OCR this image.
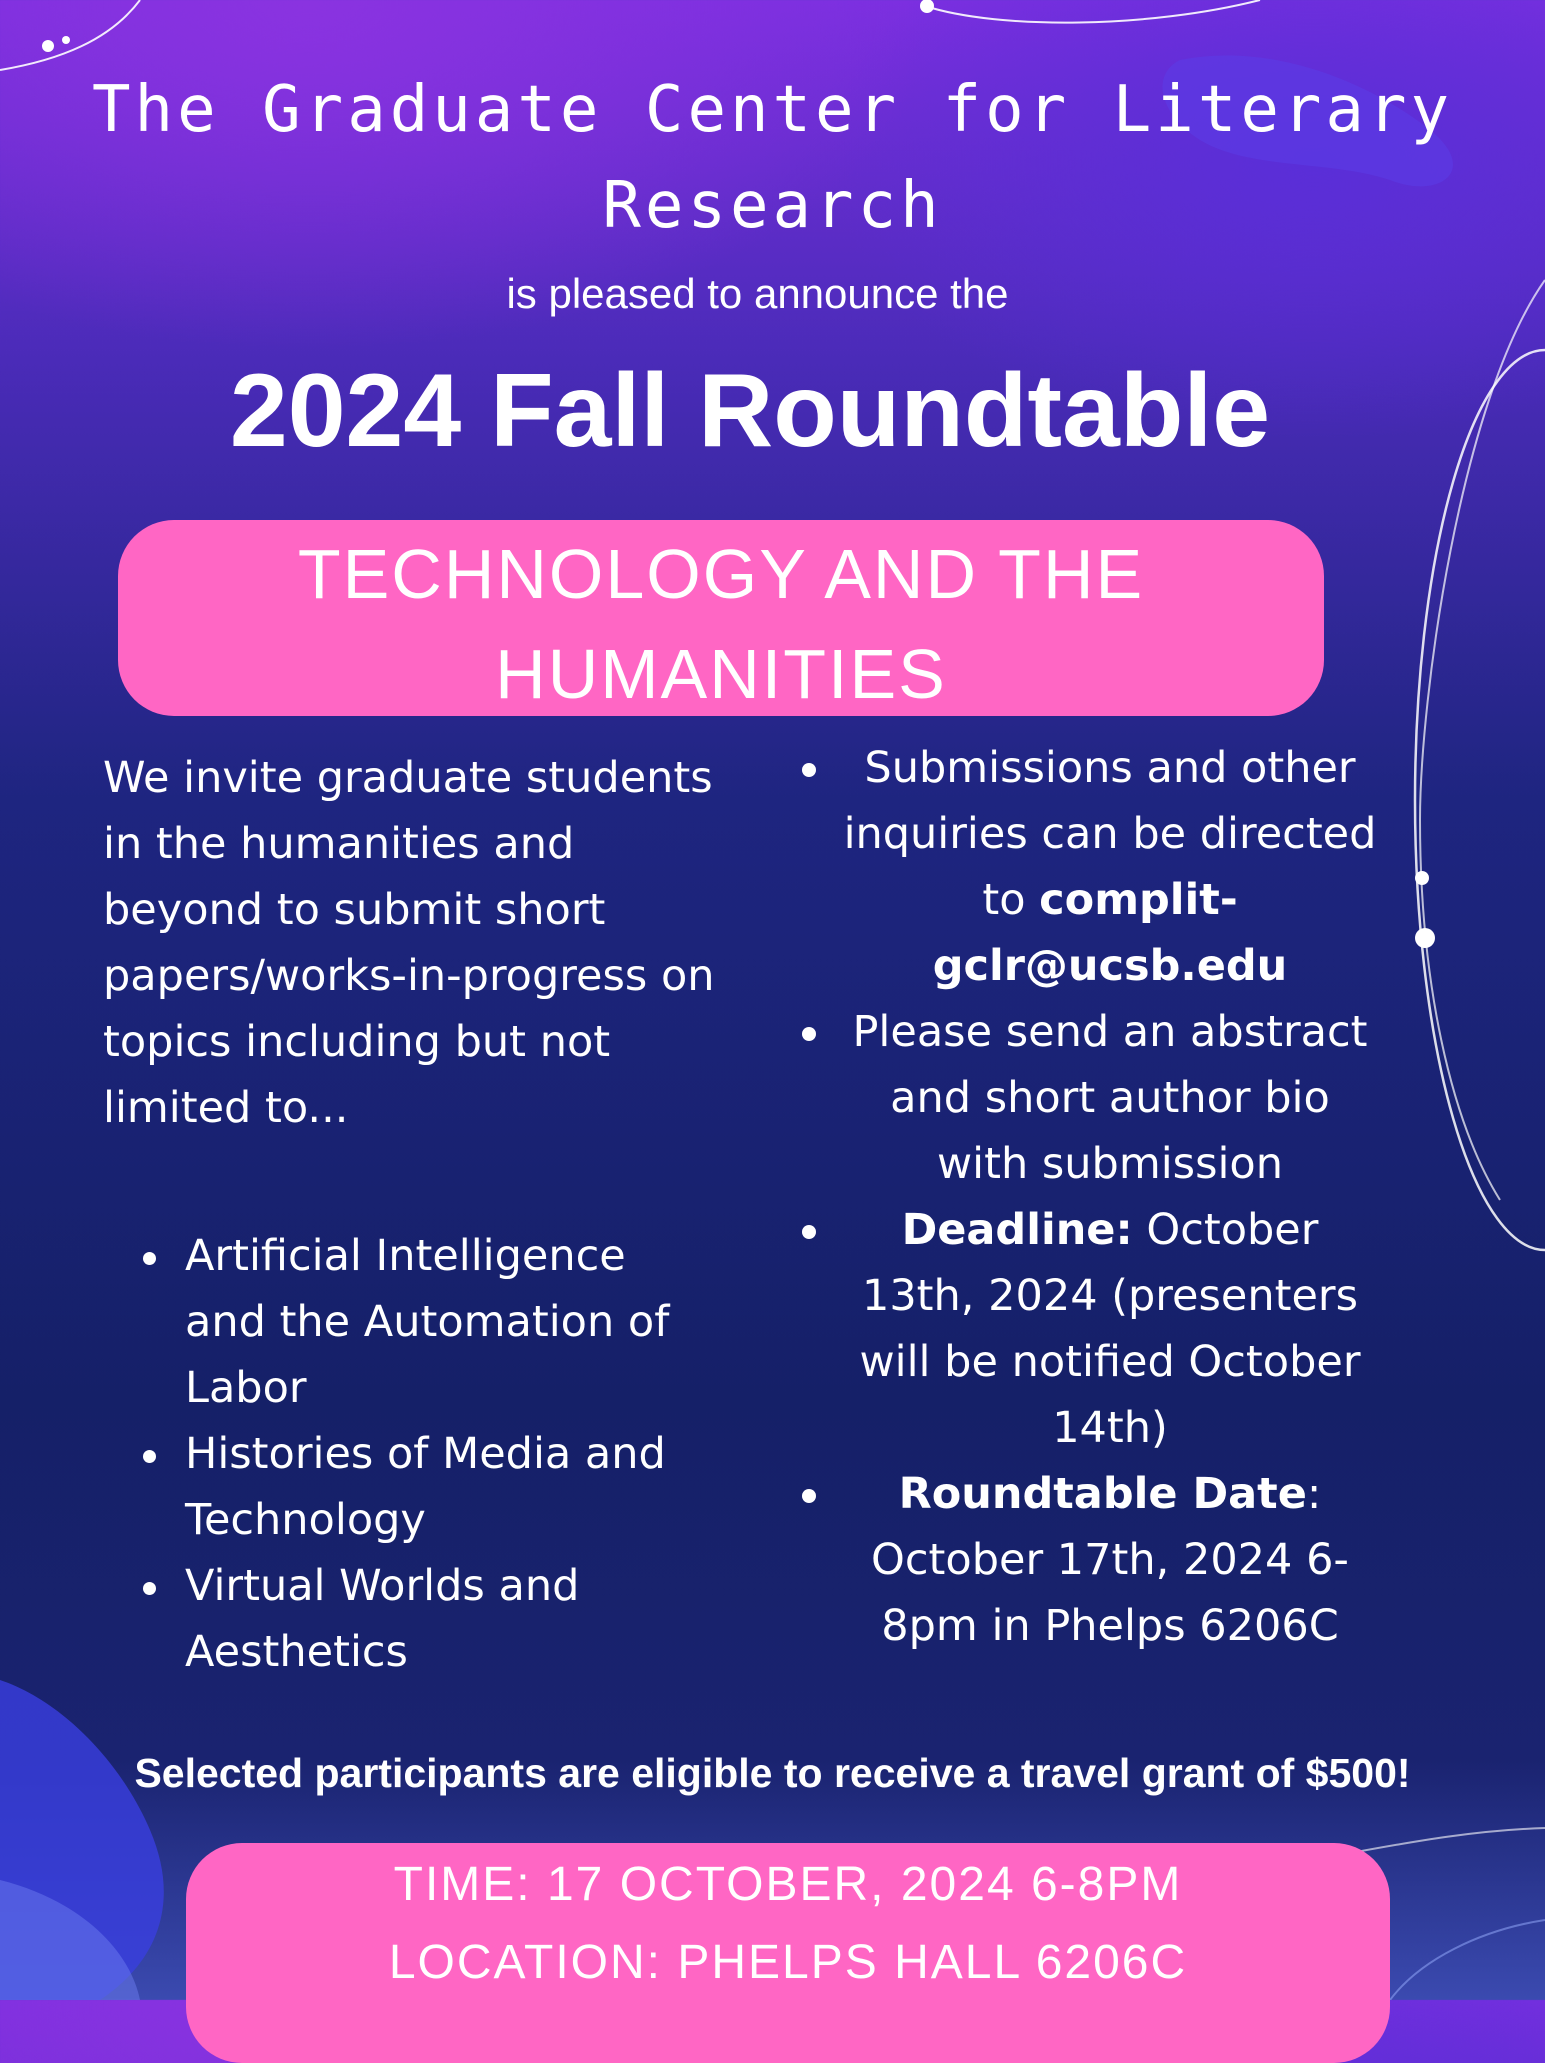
The Graduate Center for Literary Research
is pleased to announce the
2024 Fall Roundtable
TECHNOLOGY AND THE HUMANITIES
We invite graduate students in the humanities and beyond to submit short papers/works-in-progress on topics including but not limited to...
Artificial Intelligence and the Automation of Labor
Histories of Media and Technology
Virtual Worlds and Aesthetics
Submissions and other inquiries can be directed to complit-gclr@ucsb.edu
Please send an abstract and short author bio with submission
Deadline: October 13th, 2024 (presenters will be notified October 14th)
Roundtable Date: October 17th, 2024 6-8pm in Phelps 6206C
Selected participants are eligible to receive a travel grant of $500!
TIME: 17 OCTOBER, 2024 6-8PM
LOCATION: PHELPS HALL 6206C
